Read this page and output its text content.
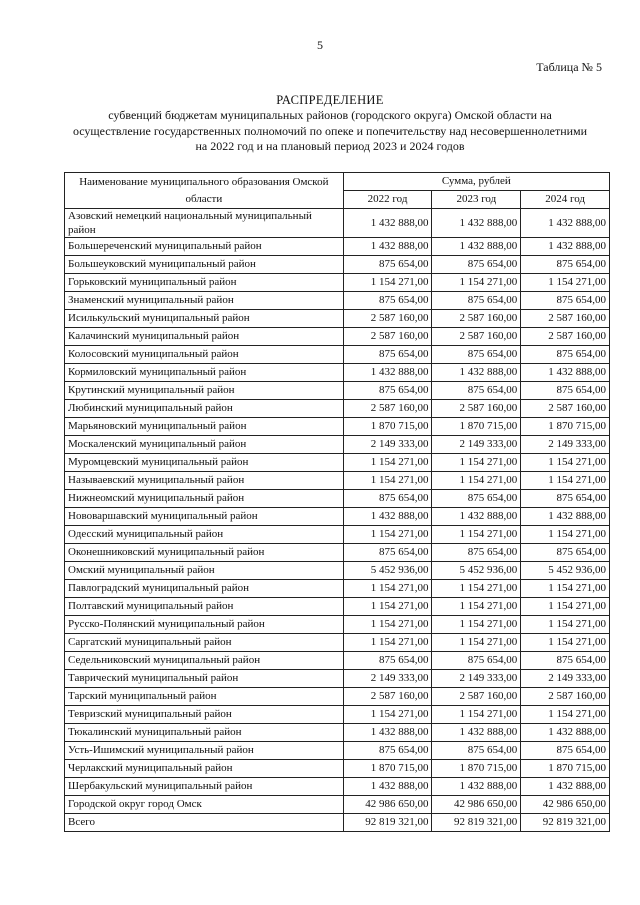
5
Таблица № 5
РАСПРЕДЕЛЕНИЕ
субвенций бюджетам муниципальных районов (городского округа) Омской области на
осуществление государственных полномочий по опеке и попечительству над несовершеннолетними
на 2022 год и на плановый период 2023 и 2024 годов
Наименование муниципального образования Омской области	Сумма, рублей		
	2022 год	2023 год	2024 год
Азовский немецкий национальный муниципальный район	1 432 888,00	1 432 888,00	1 432 888,00
Большереченский муниципальный район	1 432 888,00	1 432 888,00	1 432 888,00
Большеуковский муниципальный район	875 654,00	875 654,00	875 654,00
Горьковский муниципальный район	1 154 271,00	1 154 271,00	1 154 271,00
Знаменский муниципальный район	875 654,00	875 654,00	875 654,00
Исилькульский муниципальный район	2 587 160,00	2 587 160,00	2 587 160,00
Калачинский муниципальный район	2 587 160,00	2 587 160,00	2 587 160,00
Колосовский муниципальный район	875 654,00	875 654,00	875 654,00
Кормиловский муниципальный район	1 432 888,00	1 432 888,00	1 432 888,00
Крутинский муниципальный район	875 654,00	875 654,00	875 654,00
Любинский муниципальный район	2 587 160,00	2 587 160,00	2 587 160,00
Марьяновский муниципальный район	1 870 715,00	1 870 715,00	1 870 715,00
Москаленский муниципальный район	2 149 333,00	2 149 333,00	2 149 333,00
Муромцевский муниципальный район	1 154 271,00	1 154 271,00	1 154 271,00
Называевский муниципальный район	1 154 271,00	1 154 271,00	1 154 271,00
Нижнеомский муниципальный район	875 654,00	875 654,00	875 654,00
Нововаршавский муниципальный район	1 432 888,00	1 432 888,00	1 432 888,00
Одесский муниципальный район	1 154 271,00	1 154 271,00	1 154 271,00
Оконешниковский муниципальный район	875 654,00	875 654,00	875 654,00
Омский муниципальный район	5 452 936,00	5 452 936,00	5 452 936,00
Павлоградский муниципальный район	1 154 271,00	1 154 271,00	1 154 271,00
Полтавский муниципальный район	1 154 271,00	1 154 271,00	1 154 271,00
Русско-Полянский муниципальный район	1 154 271,00	1 154 271,00	1 154 271,00
Саргатский муниципальный район	1 154 271,00	1 154 271,00	1 154 271,00
Седельниковский муниципальный район	875 654,00	875 654,00	875 654,00
Таврический муниципальный район	2 149 333,00	2 149 333,00	2 149 333,00
Тарский муниципальный район	2 587 160,00	2 587 160,00	2 587 160,00
Тевризский муниципальный район	1 154 271,00	1 154 271,00	1 154 271,00
Тюкалинский муниципальный район	1 432 888,00	1 432 888,00	1 432 888,00
Усть-Ишимский муниципальный район	875 654,00	875 654,00	875 654,00
Черлакский муниципальный район	1 870 715,00	1 870 715,00	1 870 715,00
Шербакульский муниципальный район	1 432 888,00	1 432 888,00	1 432 888,00
Городской округ город Омск	42 986 650,00	42 986 650,00	42 986 650,00
Всего	92 819 321,00	92 819 321,00	92 819 321,00
